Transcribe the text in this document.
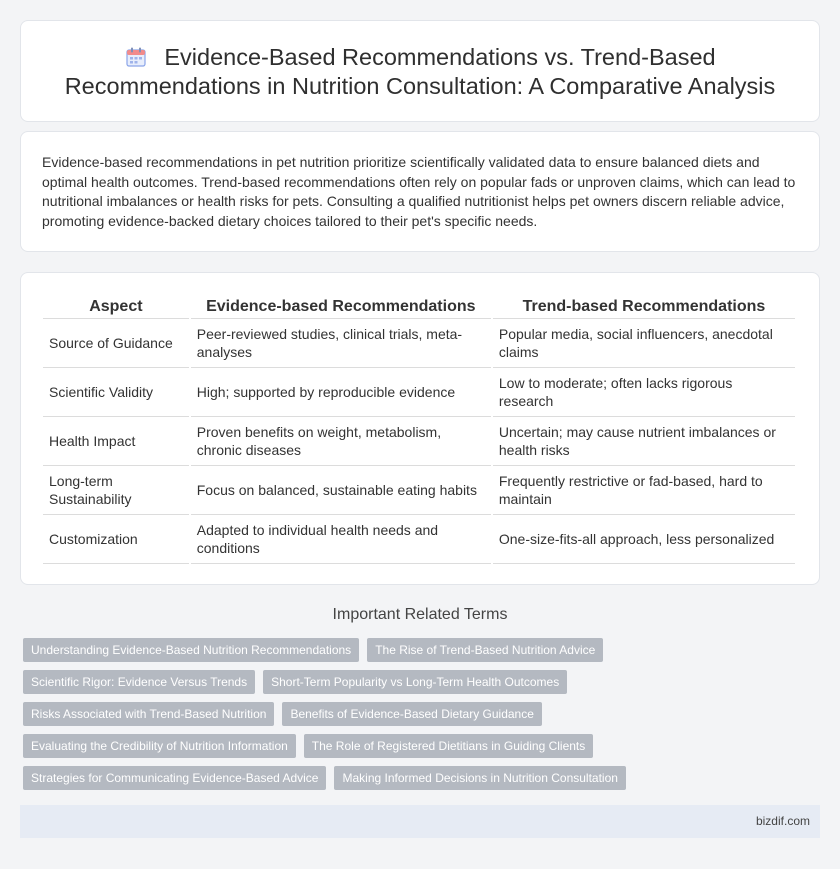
Evidence-Based Recommendations vs. Trend-Based
Recommendations in Nutrition Consultation: A Comparative Analysis

Evidence-based recommendations in pet nutrition prioritize scientifically validated data to ensure balanced diets and optimal health outcomes. Trend-based recommendations often rely on popular fads or unproven claims, which can lead to nutritional imbalances or health risks for pets. Consulting a qualified nutritionist helps pet owners discern reliable advice, promoting evidence-backed dietary choices tailored to their pet's specific needs.

Aspect	Evidence-based Recommendations	Trend-based Recommendations
Source of Guidance	Peer-reviewed studies, clinical trials, meta-analyses	Popular media, social influencers, anecdotal claims
Scientific Validity	High; supported by reproducible evidence	Low to moderate; often lacks rigorous research
Health Impact	Proven benefits on weight, metabolism, chronic diseases	Uncertain; may cause nutrient imbalances or health risks
Long-term Sustainability	Focus on balanced, sustainable eating habits	Frequently restrictive or fad-based, hard to maintain
Customization	Adapted to individual health needs and conditions	One-size-fits-all approach, less personalized
Important Related Terms
Understanding Evidence-Based Nutrition Recommendations	The Rise of Trend-Based Nutrition Advice
Scientific Rigor: Evidence Versus Trends	Short-Term Popularity vs Long-Term Health Outcomes
Risks Associated with Trend-Based Nutrition	Benefits of Evidence-Based Dietary Guidance
Evaluating the Credibility of Nutrition Information	The Role of Registered Dietitians in Guiding Clients
Strategies for Communicating Evidence-Based Advice	Making Informed Decisions in Nutrition Consultation
bizdif.com
